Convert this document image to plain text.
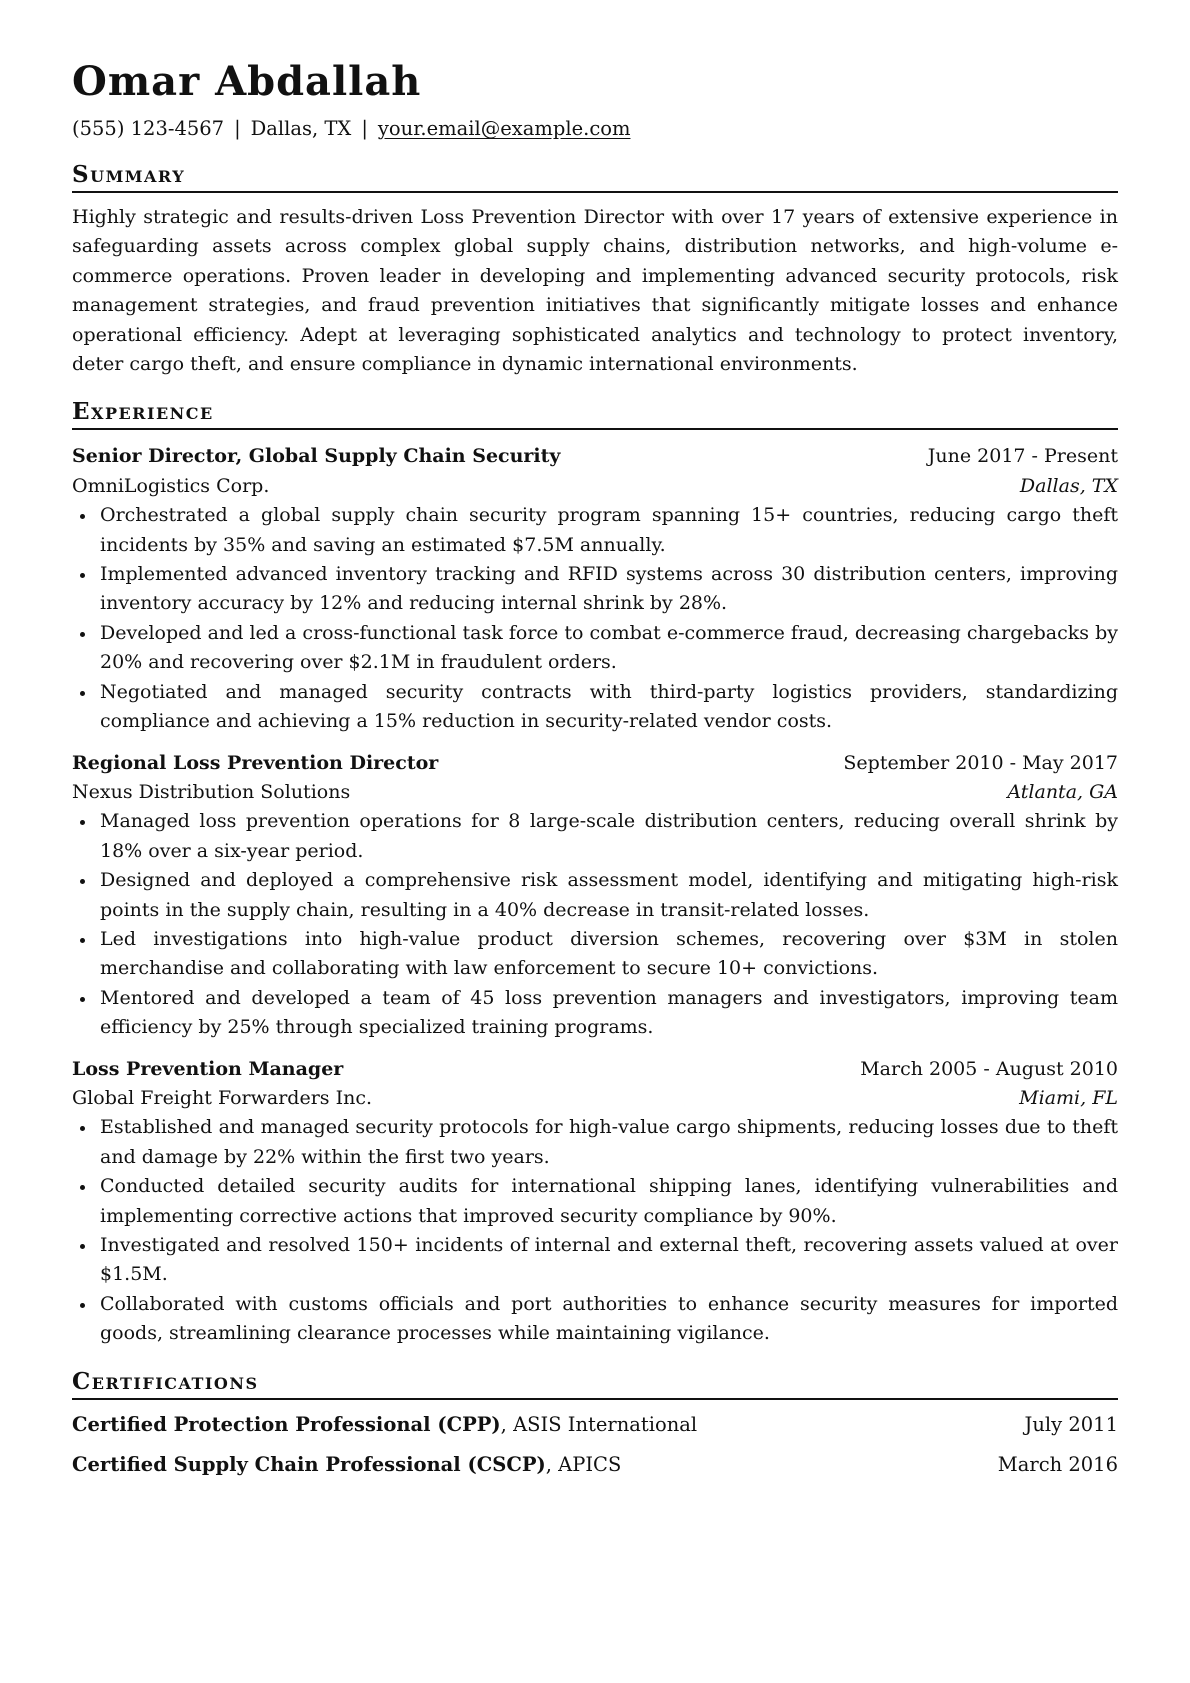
Omar Abdallah
(555) 123-4567 | Dallas, TX | your.email@example.com
Summary
Highly strategic and results-driven Loss Prevention Director with over 17 years of extensive experience in safeguarding assets across complex global supply chains, distribution networks, and high-volume e-commerce operations. Proven leader in developing and implementing advanced security protocols, risk management strategies, and fraud prevention initiatives that significantly mitigate losses and enhance operational efficiency. Adept at leveraging sophisticated analytics and technology to protect inventory, deter cargo theft, and ensure compliance in dynamic international environments.
Experience
Senior Director, Global Supply Chain Security	June 2017 - Present
OmniLogistics Corp.	Dallas, TX
Orchestrated a global supply chain security program spanning 15+ countries, reducing cargo theft incidents by 35% and saving an estimated $7.5M annually.
Implemented advanced inventory tracking and RFID systems across 30 distribution centers, improving inventory accuracy by 12% and reducing internal shrink by 28%.
Developed and led a cross-functional task force to combat e-commerce fraud, decreasing chargebacks by 20% and recovering over $2.1M in fraudulent orders.
Negotiated and managed security contracts with third-party logistics providers, standardizing compliance and achieving a 15% reduction in security-related vendor costs.
Regional Loss Prevention Director	September 2010 - May 2017
Nexus Distribution Solutions	Atlanta, GA
Managed loss prevention operations for 8 large-scale distribution centers, reducing overall shrink by 18% over a six-year period.
Designed and deployed a comprehensive risk assessment model, identifying and mitigating high-risk points in the supply chain, resulting in a 40% decrease in transit-related losses.
Led investigations into high-value product diversion schemes, recovering over $3M in stolen merchandise and collaborating with law enforcement to secure 10+ convictions.
Mentored and developed a team of 45 loss prevention managers and investigators, improving team efficiency by 25% through specialized training programs.
Loss Prevention Manager	March 2005 - August 2010
Global Freight Forwarders Inc.	Miami, FL
Established and managed security protocols for high-value cargo shipments, reducing losses due to theft and damage by 22% within the first two years.
Conducted detailed security audits for international shipping lanes, identifying vulnerabilities and implementing corrective actions that improved security compliance by 90%.
Investigated and resolved 150+ incidents of internal and external theft, recovering assets valued at over $1.5M.
Collaborated with customs officials and port authorities to enhance security measures for imported goods, streamlining clearance processes while maintaining vigilance.
Certifications
Certified Protection Professional (CPP), ASIS International	July 2011
Certified Supply Chain Professional (CSCP), APICS	March 2016
